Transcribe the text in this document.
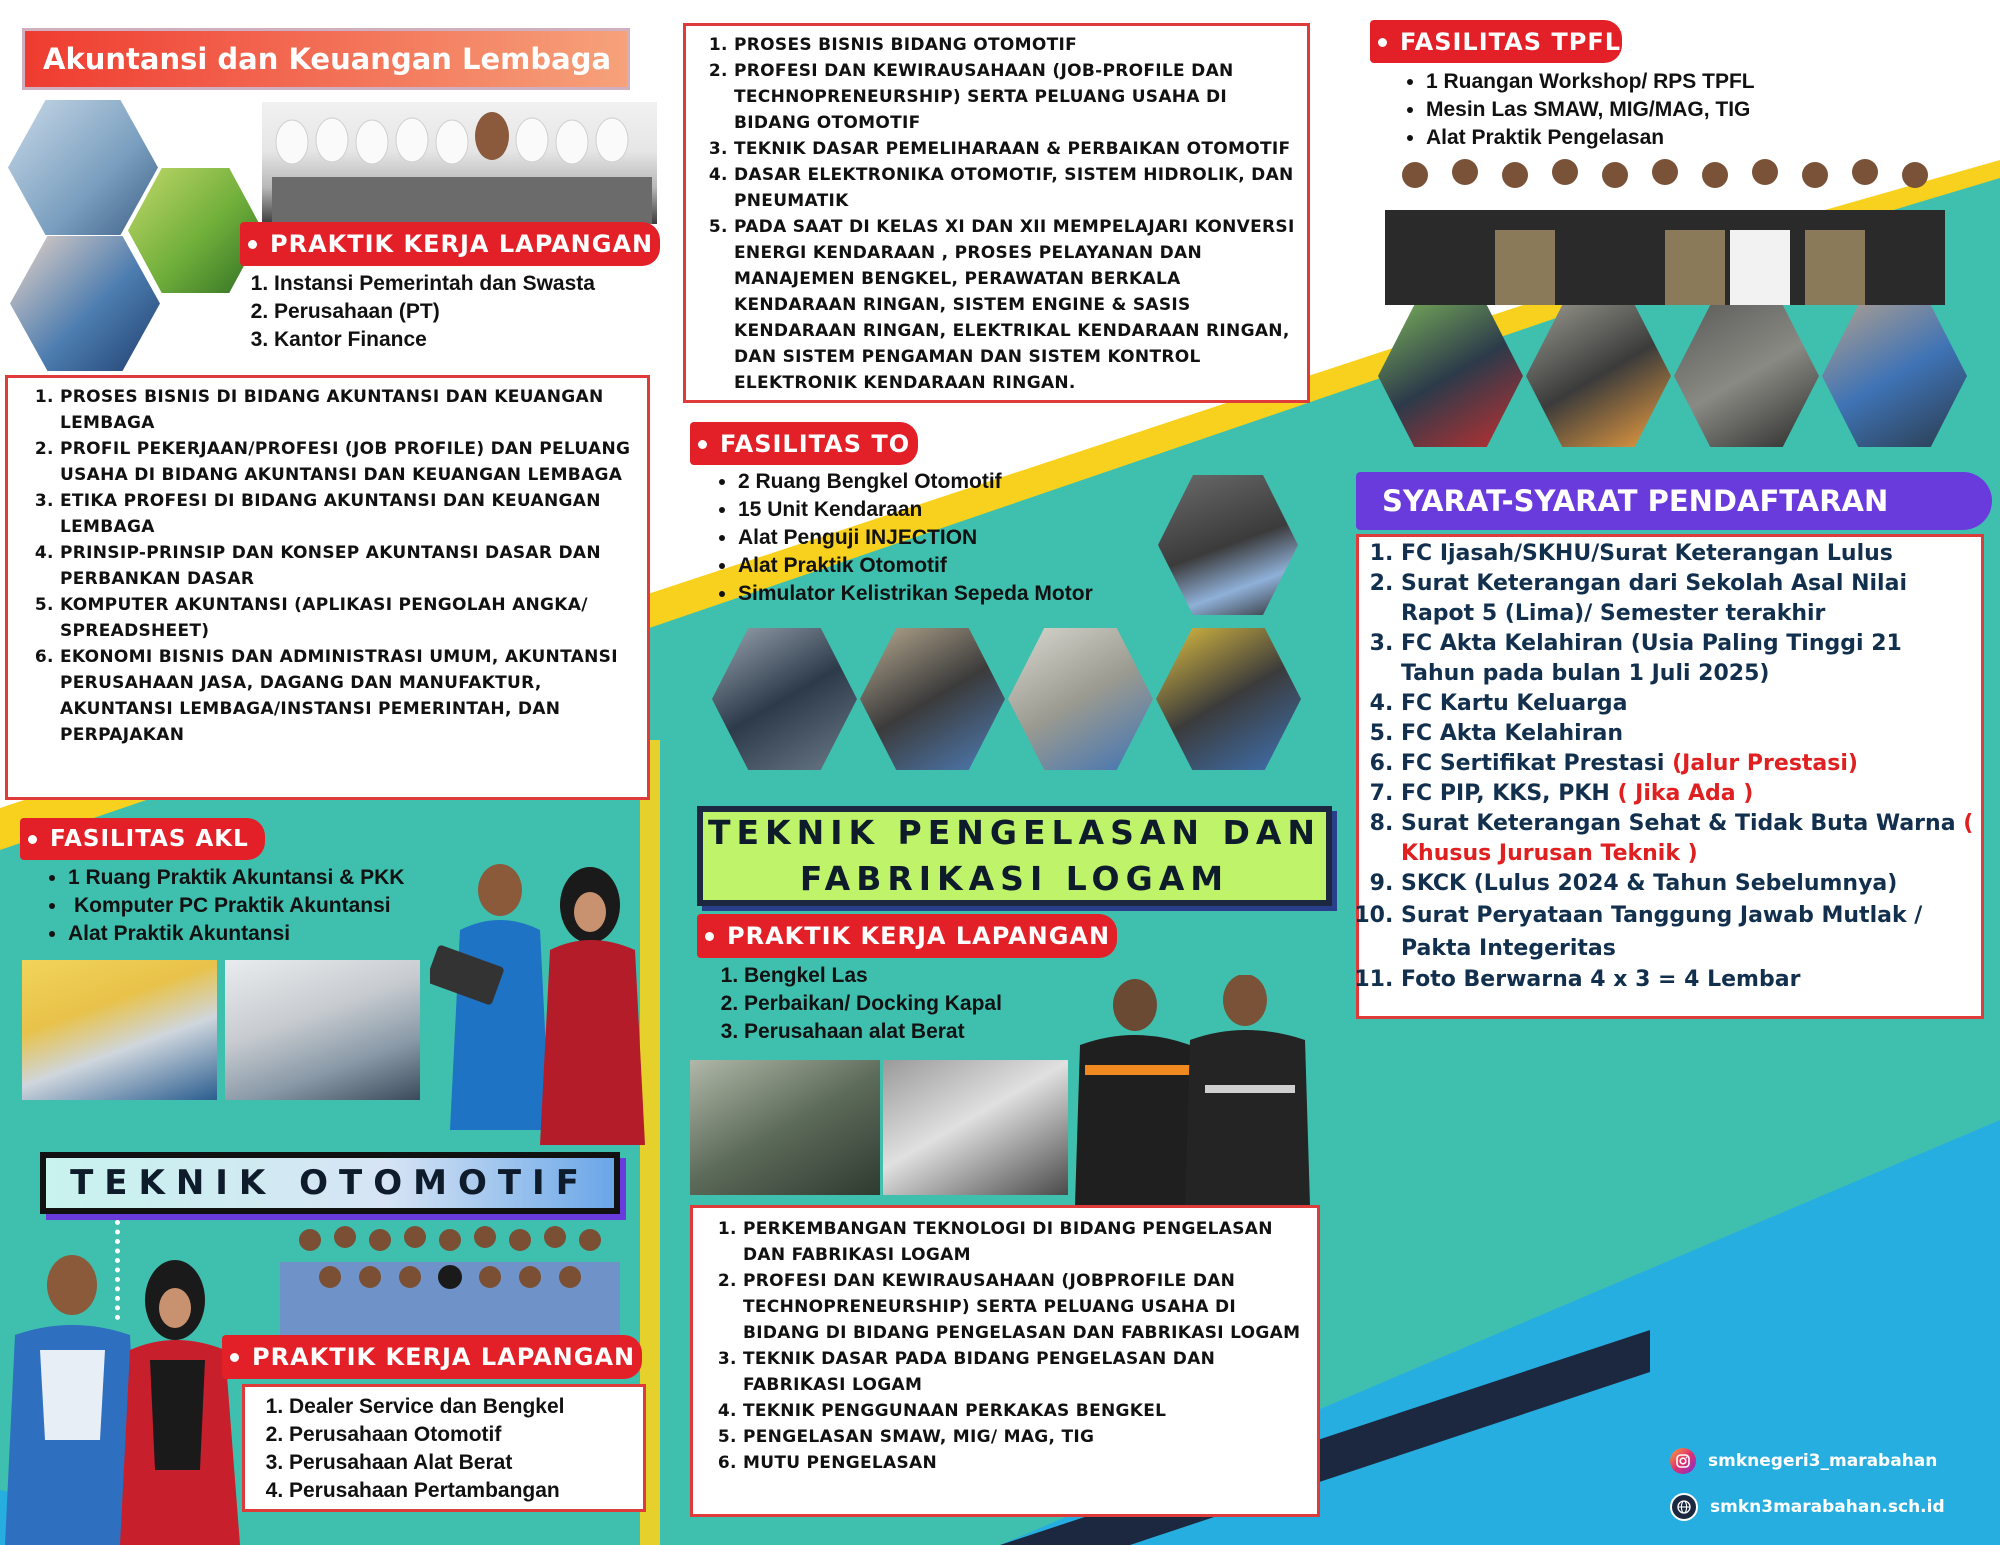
Akuntansi dan Keuangan Lembaga
PRAKTIK KERJA LAPANGAN
1. Instansi Pemerintah dan Swasta
2. Perusahaan (PT)
3. Kantor Finance
1. PROSES BISNIS DI BIDANG AKUNTANSI DAN KEUANGAN LEMBAGA
2. PROFIL PEKERJAAN/PROFESI (JOB PROFILE) DAN PELUANG USAHA DI BIDANG AKUNTANSI DAN KEUANGAN LEMBAGA
3. ETIKA PROFESI DI BIDANG AKUNTANSI DAN KEUANGAN LEMBAGA
4. PRINSIP-PRINSIP DAN KONSEP AKUNTANSI DASAR DAN PERBANKAN DASAR
5. KOMPUTER AKUNTANSI (APLIKASI PENGOLAH ANGKA/ SPREADSHEET)
6. EKONOMI BISNIS DAN ADMINISTRASI UMUM, AKUNTANSI PERUSAHAAN JASA, DAGANG DAN MANUFAKTUR, AKUNTANSI LEMBAGA/INSTANSI PEMERINTAH, DAN PERPAJAKAN
FASILITAS AKL
• 1 Ruang Praktik Akuntansi & PKK
• Komputer PC Praktik Akuntansi
• Alat Praktik Akuntansi
TEKNIK OTOMOTIF
PRAKTIK KERJA LAPANGAN
1. Dealer Service dan Bengkel
2. Perusahaan Otomotif
3. Perusahaan Alat Berat
4. Perusahaan Pertambangan
1. PROSES BISNIS BIDANG OTOMOTIF
2. PROFESI DAN KEWIRAUSAHAAN (JOB-PROFILE DAN TECHNOPRENEURSHIP) SERTA PELUANG USAHA DI BIDANG OTOMOTIF
3. TEKNIK DASAR PEMELIHARAAN & PERBAIKAN OTOMOTIF
4. DASAR ELEKTRONIKA OTOMOTIF, SISTEM HIDROLIK, DAN PNEUMATIK
5. PADA SAAT DI KELAS XI DAN XII MEMPELAJARI KONVERSI ENERGI KENDARAAN , PROSES PELAYANAN DAN MANAJEMEN BENGKEL, PERAWATAN BERKALA KENDARAAN RINGAN, SISTEM ENGINE & SASIS KENDARAAN RINGAN, ELEKTRIKAL KENDARAAN RINGAN, DAN SISTEM PENGAMAN DAN SISTEM KONTROL ELEKTRONIK KENDARAAN RINGAN.
FASILITAS TO
• 2 Ruang Bengkel Otomotif
• 15 Unit Kendaraan
• Alat Penguji INJECTION
• Alat Praktik Otomotif
• Simulator Kelistrikan Sepeda Motor
TEKNIK PENGELASAN DAN
FABRIKASI LOGAM
PRAKTIK KERJA LAPANGAN
1. Bengkel Las
2. Perbaikan/ Docking Kapal
3. Perusahaan alat Berat
1. PERKEMBANGAN TEKNOLOGI DI BIDANG PENGELASAN DAN FABRIKASI LOGAM
2. PROFESI DAN KEWIRAUSAHAAN (JOBPROFILE DAN TECHNOPRENEURSHIP) SERTA PELUANG USAHA DI BIDANG DI BIDANG PENGELASAN DAN FABRIKASI LOGAM
3. TEKNIK DASAR PADA BIDANG PENGELASAN DAN FABRIKASI LOGAM
4. TEKNIK PENGGUNAAN PERKAKAS BENGKEL
5. PENGELASAN SMAW, MIG/ MAG, TIG
6. MUTU PENGELASAN
FASILITAS TPFL
• 1 Ruangan Workshop/ RPS TPFL
• Mesin Las SMAW, MIG/MAG, TIG
• Alat Praktik Pengelasan
SYARAT-SYARAT PENDAFTARAN
1. FC Ijasah/SKHU/Surat Keterangan Lulus
2. Surat Keterangan dari Sekolah Asal Nilai Rapot 5 (Lima)/ Semester terakhir
3. FC Akta Kelahiran (Usia Paling Tinggi 21 Tahun pada bulan 1 Juli 2025)
4. FC Kartu Keluarga
5. FC Akta Kelahiran
6. FC Sertifikat Prestasi (Jalur Prestasi)
7. FC PIP, KKS, PKH ( Jika Ada )
8. Surat Keterangan Sehat & Tidak Buta Warna ( Khusus Jurusan Teknik )
9. SKCK (Lulus 2024 & Tahun Sebelumnya)
10. Surat Peryataan Tanggung Jawab Mutlak / Pakta Integeritas
11. Foto Berwarna 4 x 3 = 4 Lembar
smknegeri3_marabahan
smkn3marabahan.sch.id
